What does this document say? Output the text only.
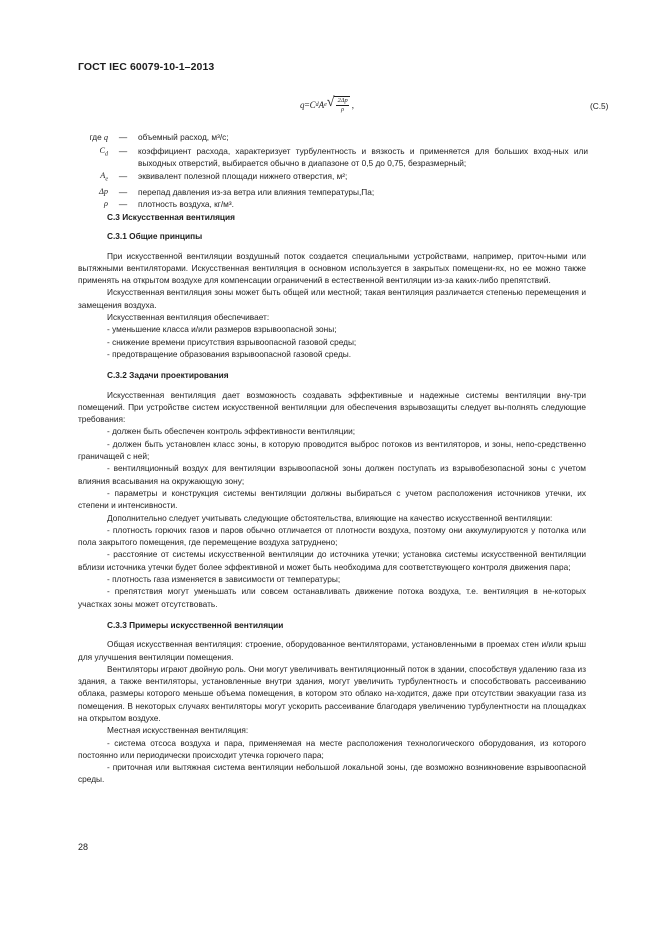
ГОСТ IEC 60079-10-1–2013
q = C d A e √ $\frac{2\Delta p}{\rho}$ ,	(С.5)
где q	—	объемный расход, м³/с;
$C_d$	—	коэффициент расхода, характеризует турбулентность и вязкость и применяется для больших вход-ных или выходных отверстий, выбирается обычно в диапазоне от 0,5 до 0,75, безразмерный;
$A_e$	—	эквивалент полезной площади нижнего отверстия, м²;
Δp	—	перепад давления из-за ветра или влияния температуры,Па;
ρ	—	плотность воздуха, кг/м³.

С.3 Искусственная вентиляция

С.3.1 Общие принципы

При искусственной вентиляции воздушный поток создается специальными устройствами, например, приточ-ными или вытяжными вентиляторами. Искусственная вентиляция в основном используется в закрытых помещени-ях, но ее можно также применять на открытом воздухе для компенсации ограничений в естественной вентиляции из-за каких-либо препятствий.

Искусственная вентиляция зоны может быть общей или местной; такая вентиляция различается степенью перемещения и замещения воздуха.

Искусственная вентиляция обеспечивает:

- уменьшение класса и/или размеров взрывоопасной зоны;

- снижение времени присутствия взрывоопасной газовой среды;

- предотвращение образования взрывоопасной газовой среды.

С.3.2 Задачи проектирования

Искусственная вентиляция дает возможность создавать эффективные и надежные системы вентиляции вну-три помещений. При устройстве систем искусственной вентиляции для обеспечения взрывозащиты следует вы-полнять следующие требования:

- должен быть обеспечен контроль эффективности вентиляции;

- должен быть установлен класс зоны, в которую проводится выброс потоков из вентиляторов, и зоны, непо-средственно граничащей с ней;

- вентиляционный воздух для вентиляции взрывоопасной зоны должен поступать из взрывобезопасной зоны с учетом влияния всасывания на окружающую зону;

- параметры и конструкция системы вентиляции должны выбираться с учетом расположения источников утечки, их степени и интенсивности.

Дополнительно следует учитывать следующие обстоятельства, влияющие на качество искусственной вентиляции:

- плотность горючих газов и паров обычно отличается от плотности воздуха, поэтому они аккумулируются у потолка или пола закрытого помещения, где перемещение воздуха затруднено;

- расстояние от системы искусственной вентиляции до источника утечки; установка системы искусственной вентиляции вблизи источника утечки будет более эффективной и может быть необходима для соответствующего контроля движения пара;

- плотность газа изменяется в зависимости от температуры;

- препятствия могут уменьшать или совсем останавливать движение потока воздуха, т.е. вентиляция в не-которых участках зоны может отсутствовать.

С.3.3 Примеры искусственной вентиляции

Общая искусственная вентиляция: строение, оборудованное вентиляторами, установленными в проемах стен и/или крыш для улучшения вентиляции помещения.

Вентиляторы играют двойную роль. Они могут увеличивать вентиляционный поток в здании, способствуя удалению газа из здания, а также вентиляторы, установленные внутри здания, могут увеличить турбулентность и способствовать рассеиванию облака, размеры которого меньше объема помещения, в котором это облако на-ходится, даже при отсутствии эвакуации газа из помещения. В некоторых случаях вентиляторы могут ускорить рассеивание благодаря увеличению турбулентности на площадках на открытом воздухе.

Местная искусственная вентиляция:

- система отсоса воздуха и пара, применяемая на месте расположения технологического оборудования, из которого постоянно или периодически происходит утечка горючего пара;

- приточная или вытяжная система вентиляции небольшой локальной зоны, где возможно возникновение взрывоопасной среды.

28
